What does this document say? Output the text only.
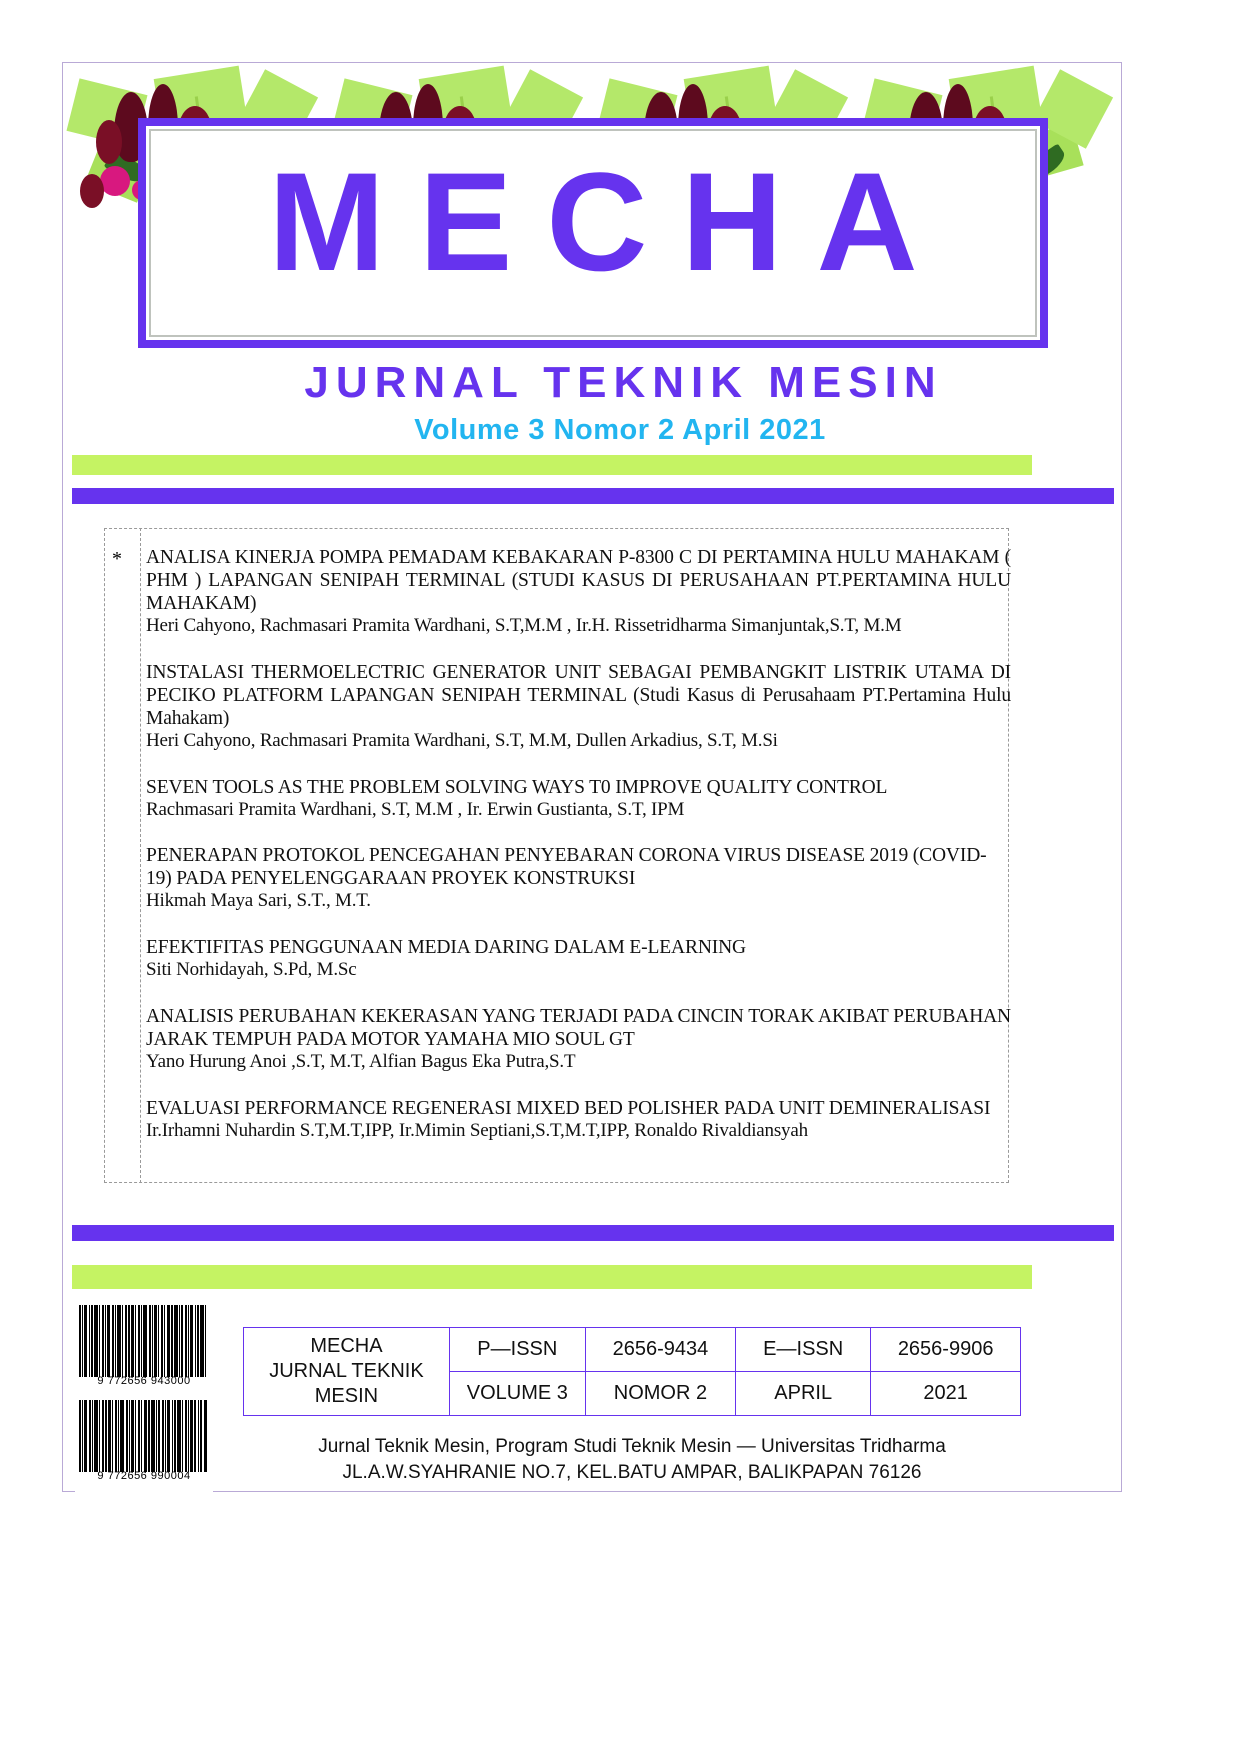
MECHA
JURNAL TEKNIK MESIN
Volume 3 Nomor 2 April 2021
* ANALISA KINERJA POMPA PEMADAM KEBAKARAN P-8300 C DI PERTAMINA HULU MAHAKAM ( PHM ) LAPANGAN SENIPAH TERMINAL (STUDI KASUS DI PERUSAHAAN PT.PERTAMINA HULU MAHAKAM)
Heri Cahyono, Rachmasari Pramita Wardhani, S.T,M.M , Ir.H. Rissetridharma Simanjuntak,S.T, M.M
INSTALASI THERMOELECTRIC GENERATOR UNIT SEBAGAI PEMBANGKIT LISTRIK UTAMA DI PECIKO PLATFORM LAPANGAN SENIPAH TERMINAL (Studi Kasus di Perusahaam PT.Pertamina Hulu Mahakam)
Heri Cahyono, Rachmasari Pramita Wardhani, S.T, M.M, Dullen Arkadius, S.T, M.Si
SEVEN TOOLS AS THE PROBLEM SOLVING WAYS T0 IMPROVE QUALITY CONTROL
Rachmasari Pramita Wardhani, S.T, M.M , Ir. Erwin Gustianta, S.T, IPM
PENERAPAN PROTOKOL PENCEGAHAN PENYEBARAN CORONA VIRUS DISEASE 2019 (COVID-19) PADA PENYELENGGARAAN PROYEK KONSTRUKSI
Hikmah Maya Sari, S.T., M.T.
EFEKTIFITAS PENGGUNAAN MEDIA DARING DALAM E-LEARNING
Siti Norhidayah, S.Pd, M.Sc
ANALISIS PERUBAHAN KEKERASAN YANG TERJADI PADA CINCIN TORAK AKIBAT PERUBAHAN JARAK TEMPUH PADA MOTOR YAMAHA MIO SOUL GT
Yano Hurung Anoi ,S.T, M.T, Alfian Bagus Eka Putra,S.T
EVALUASI PERFORMANCE REGENERASI MIXED BED POLISHER PADA UNIT DEMINERALISASI
Ir.Irhamni Nuhardin S.T,M.T,IPP, Ir.Mimin Septiani,S.T,M.T,IPP, Ronaldo Rivaldiansyah
9 772656 943000
9 772656 990004
MECHA
JURNAL TEKNIK
MESIN	P—ISSN	2656-9434	E—ISSN	2656-9906
	VOLUME 3	NOMOR 2	APRIL	2021
Jurnal Teknik Mesin, Program Studi Teknik Mesin — Universitas Tridharma
JL.A.W.SYAHRANIE NO.7, KEL.BATU AMPAR, BALIKPAPAN 76126
